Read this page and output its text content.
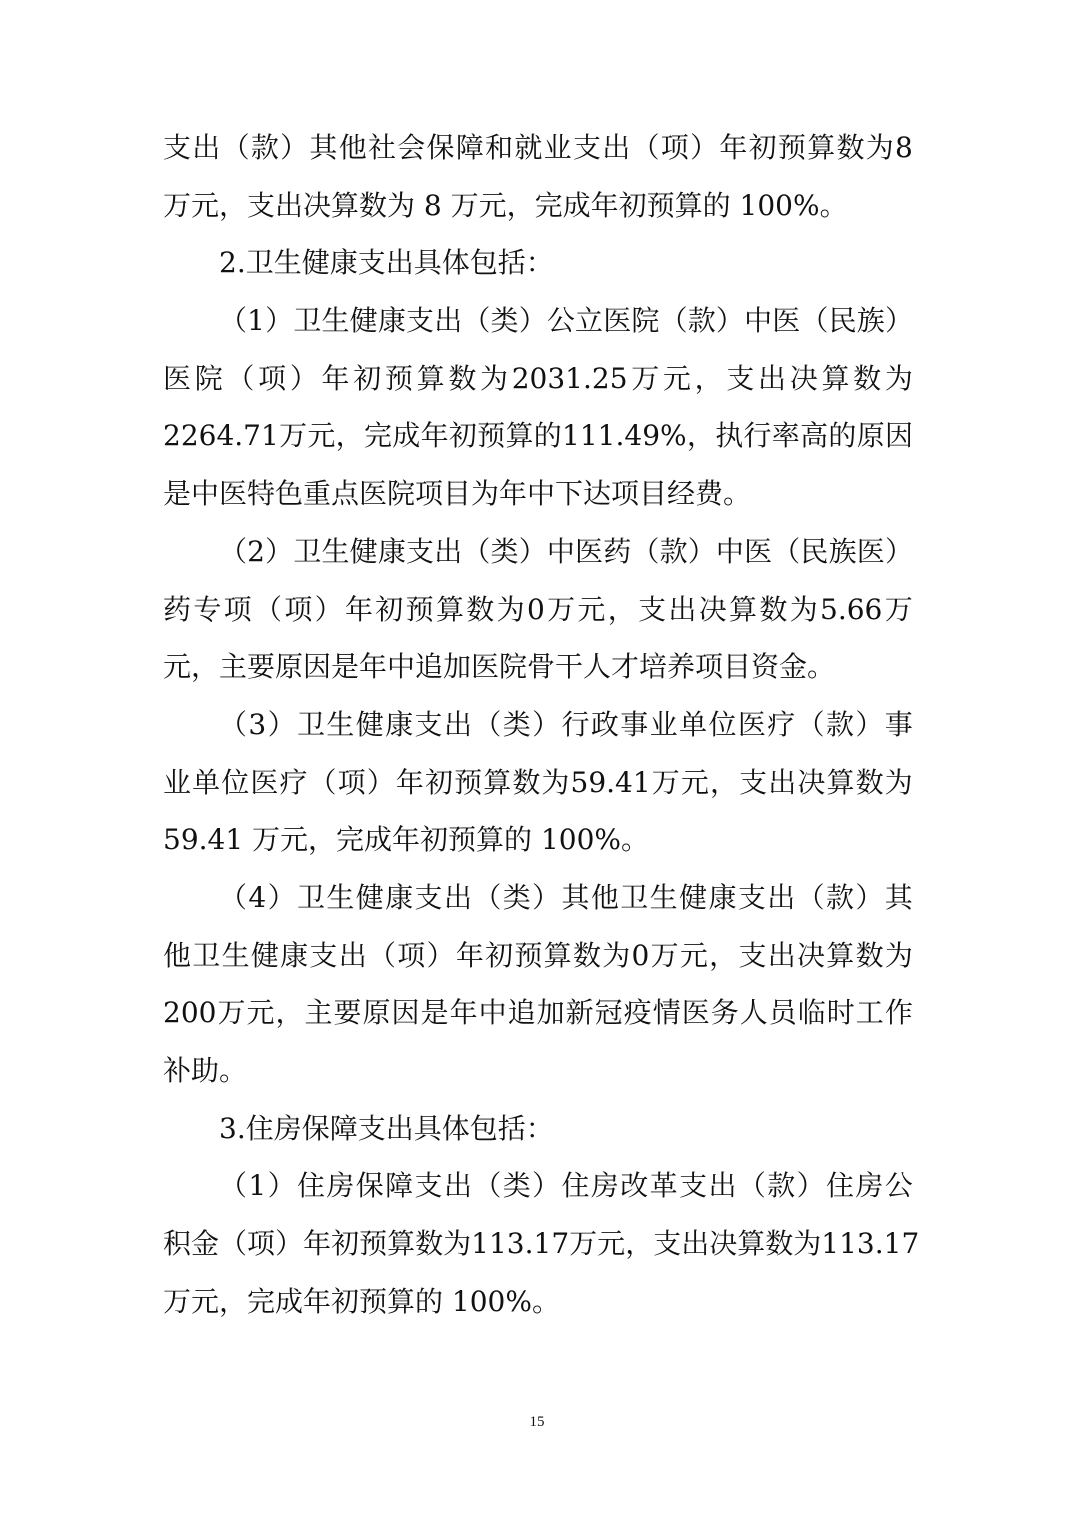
支 出 （ 款 ） 其 他 社 会 保 障 和 就 业 支 出 （ 项 ） 年 初 预 算 数 为 8
万元，支出决算数为 8 万元，完成年初预算的 100%。
2.卫生健康支出具体包括：
（ 1 ） 卫 生 健 康 支 出 （ 类 ） 公 立 医 院 （ 款 ） 中 医 （ 民 族 ）
医 院 （ 项 ） 年 初 预 算 数 为 2031.25 万 元 ， 支 出 决 算 数 为
2264.71 万 元 ， 完 成 年 初 预 算 的 111.49% ， 执 行 率 高 的 原 因
是中医特色重点医院项目为年中下达项目经费。
（ 2 ） 卫 生 健 康 支 出 （ 类 ） 中 医 药 （ 款 ） 中 医 （ 民 族 医 ）
药 专 项 （ 项 ） 年 初 预 算 数 为 0 万 元 ， 支 出 决 算 数 为 5.66 万
元，主要原因是年中追加医院骨干人才培养项目资金。
（ 3 ） 卫 生 健 康 支 出 （ 类 ） 行 政 事 业 单 位 医 疗 （ 款 ） 事
业 单 位 医 疗 （ 项 ） 年 初 预 算 数 为 59.41 万 元 ， 支 出 决 算 数 为
59.41 万元，完成年初预算的 100%。
（ 4 ） 卫 生 健 康 支 出 （ 类 ） 其 他 卫 生 健 康 支 出 （ 款 ） 其
他 卫 生 健 康 支 出 （ 项 ） 年 初 预 算 数 为 0 万 元 ， 支 出 决 算 数 为
200 万 元 ， 主 要 原 因 是 年 中 追 加 新 冠 疫 情 医 务 人 员 临 时 工 作
补助。
3.住房保障支出具体包括：
（ 1 ） 住 房 保 障 支 出 （ 类 ） 住 房 改 革 支 出 （ 款 ） 住 房 公
积 金 （ 项 ） 年 初 预 算 数 为 113.17 万 元 ， 支 出 决 算 数 为 113.17
万元，完成年初预算的 100%。
15
